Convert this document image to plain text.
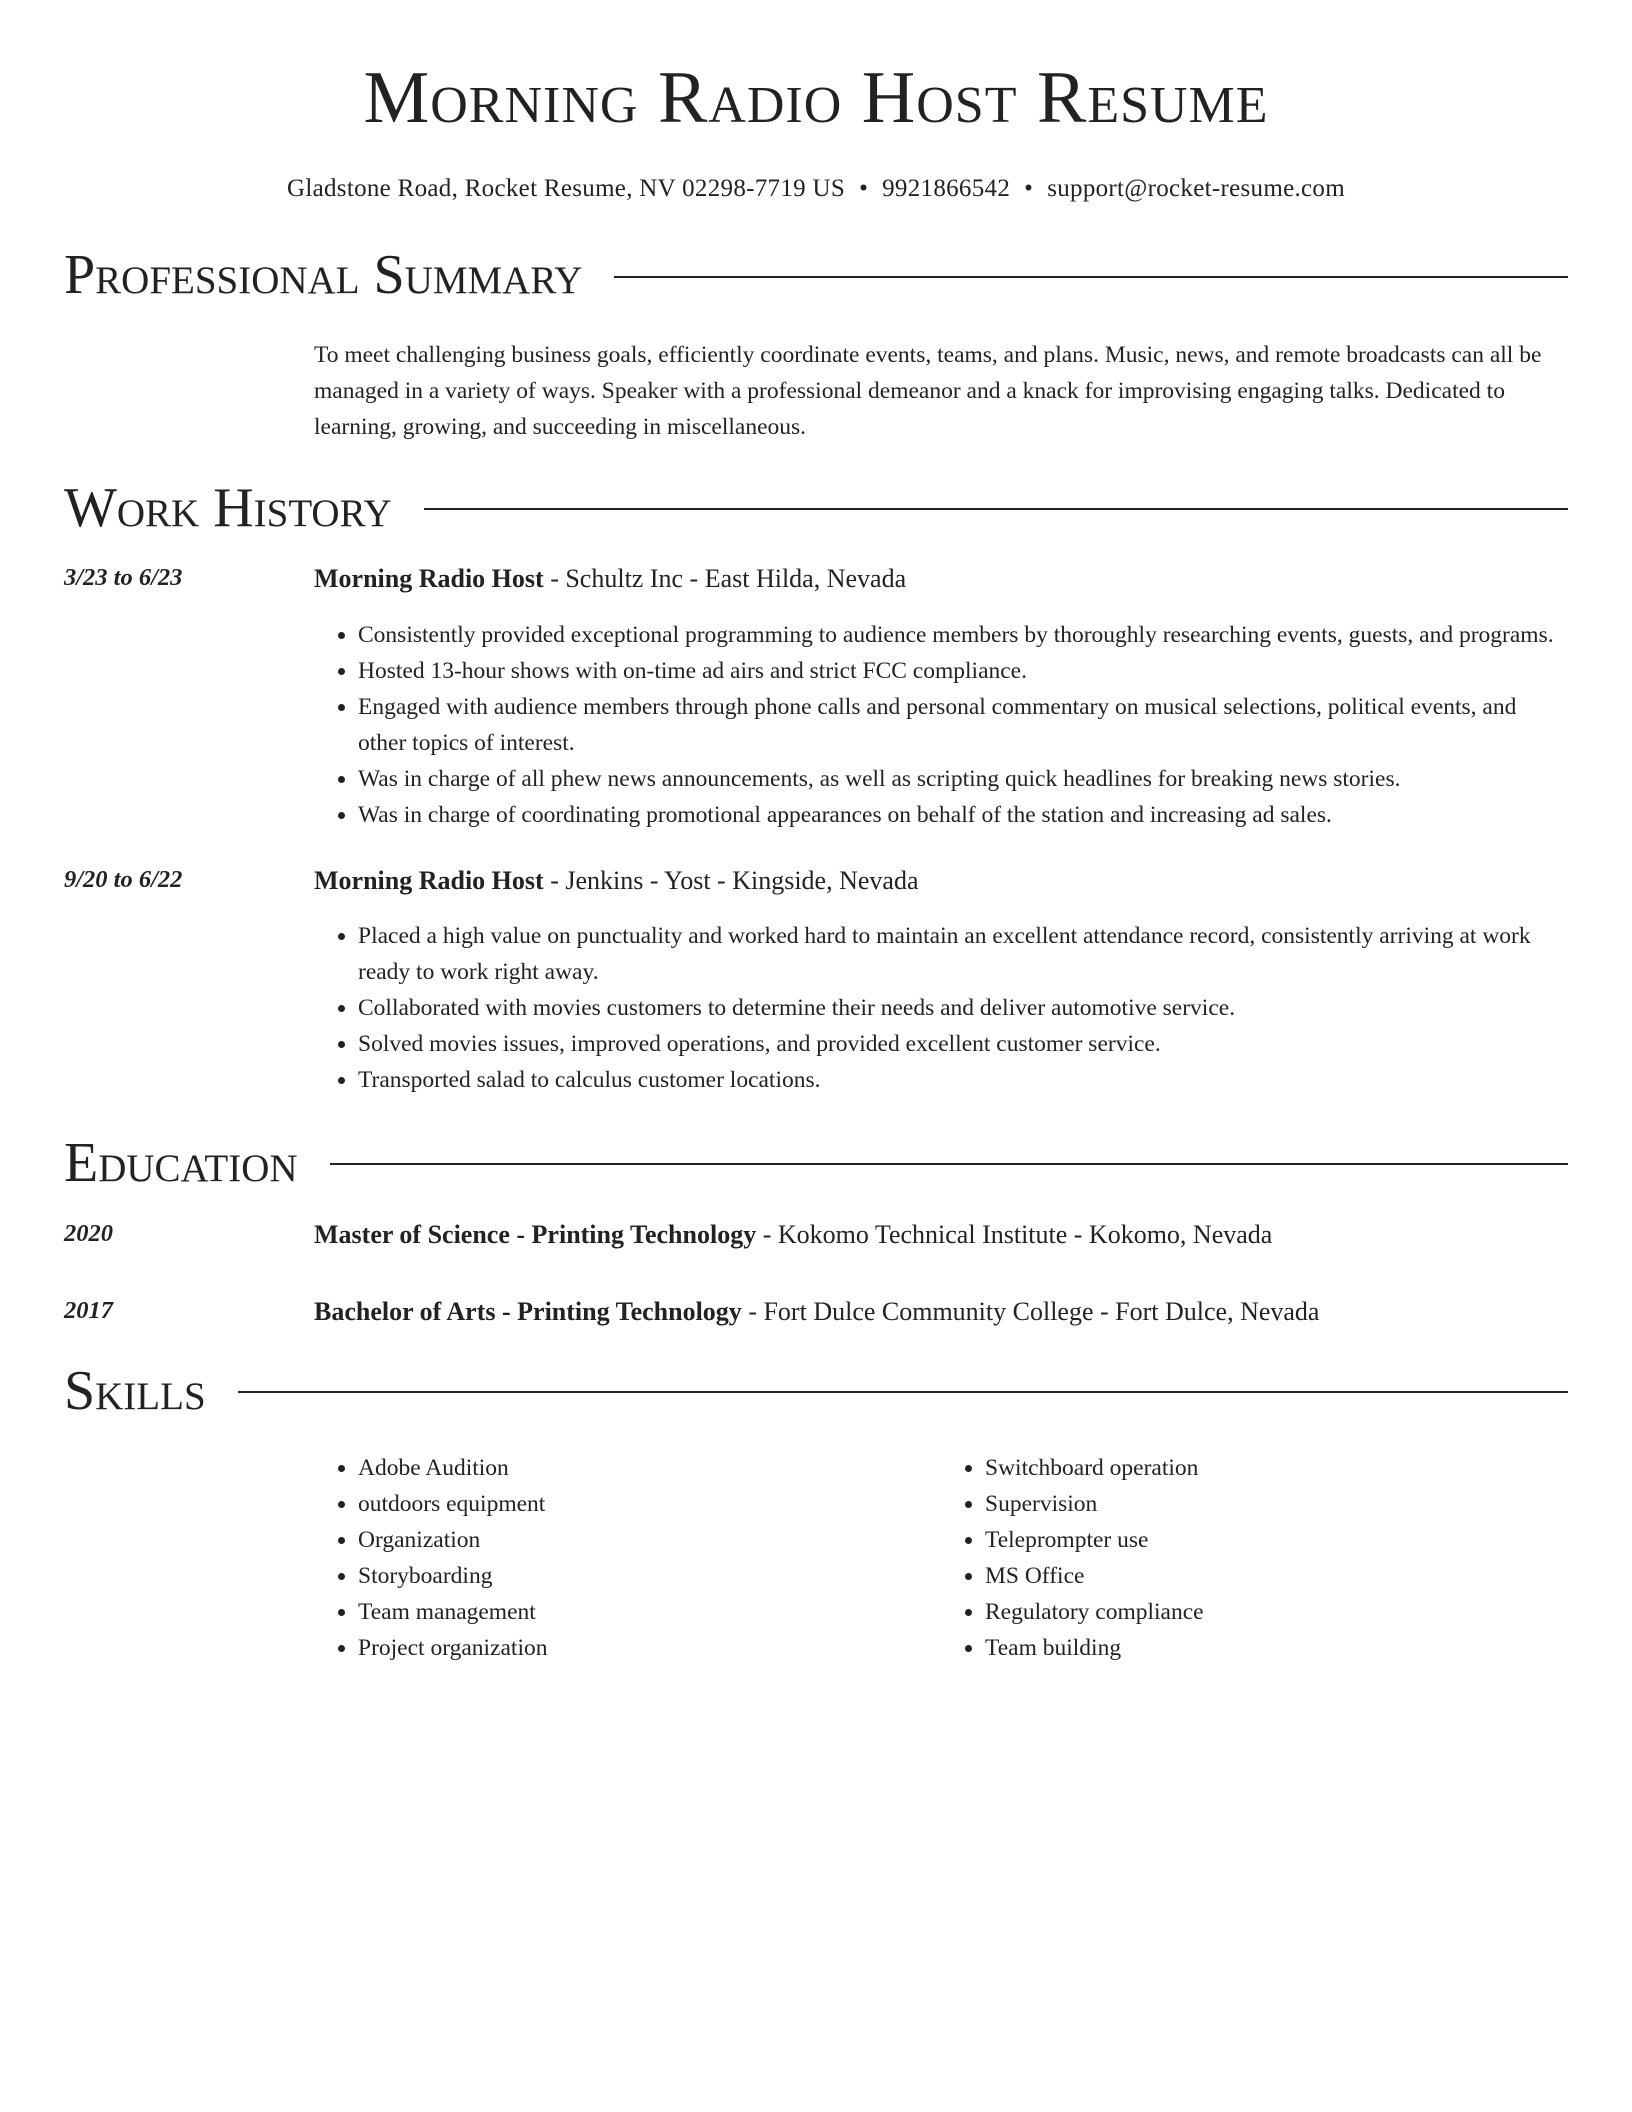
Morning Radio Host Resume
Gladstone Road, Rocket Resume, NV 02298-7719 US • 9921866542 • support@rocket-resume.com
Professional Summary

To meet challenging business goals, efficiently coordinate events, teams, and plans. Music, news, and remote broadcasts can all be managed in a variety of ways. Speaker with a professional demeanor and a knack for improvising engaging talks. Dedicated to learning, growing, and succeeding in miscellaneous.

Work History
3/23 to 6/23	Morning Radio Host - Schultz Inc - East Hilda, Nevada
• Consistently provided exceptional programming to audience members by thoroughly researching events, guests, and programs.
• Hosted 13-hour shows with on-time ad airs and strict FCC compliance.
• Engaged with audience members through phone calls and personal commentary on musical selections, political events, and other topics of interest.
• Was in charge of all phew news announcements, as well as scripting quick headlines for breaking news stories.
• Was in charge of coordinating promotional appearances on behalf of the station and increasing ad sales.
9/20 to 6/22	Morning Radio Host - Jenkins - Yost - Kingside, Nevada
• Placed a high value on punctuality and worked hard to maintain an excellent attendance record, consistently arriving at work ready to work right away.
• Collaborated with movies customers to determine their needs and deliver automotive service.
• Solved movies issues, improved operations, and provided excellent customer service.
• Transported salad to calculus customer locations.
Education
2020	Master of Science - Printing Technology - Kokomo Technical Institute - Kokomo, Nevada
2017	Bachelor of Arts - Printing Technology - Fort Dulce Community College - Fort Dulce, Nevada
Skills
• Adobe Audition
• outdoors equipment
• Organization
• Storyboarding
• Team management
• Project organization
• Switchboard operation
• Supervision
• Teleprompter use
• MS Office
• Regulatory compliance
• Team building
